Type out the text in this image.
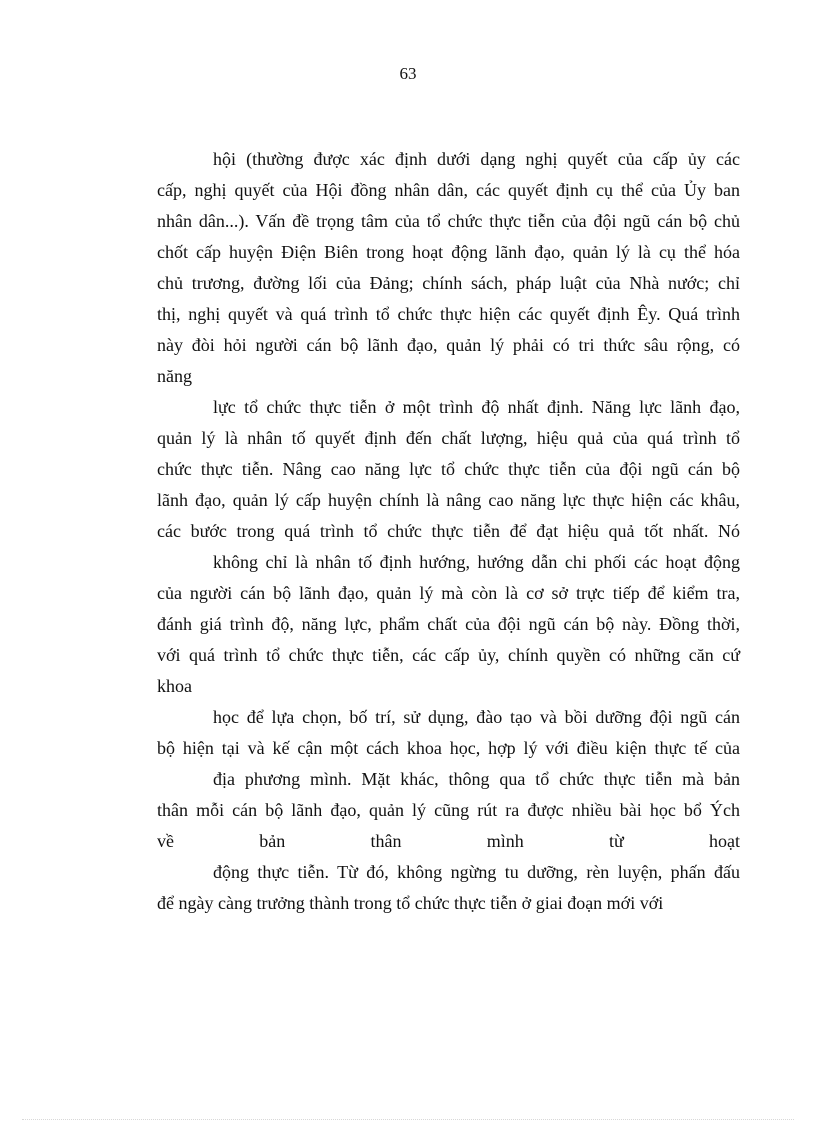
63
hội (thường được xác định dưới dạng nghị quyết của cấp ủy các
cấp, nghị quyết của Hội đồng nhân dân, các quyết định cụ thể của Ủy ban
nhân dân...). Vấn đề trọng tâm của tổ chức thực tiễn của đội ngũ cán bộ chủ
chốt cấp huyện Điện Biên trong hoạt động lãnh đạo, quản lý là cụ thể hóa
chủ trương, đường lối của Đảng; chính sách, pháp luật của Nhà nước; chỉ
thị, nghị quyết và quá trình tổ chức thực hiện các quyết định Êy. Quá trình
này đòi hỏi người cán bộ lãnh đạo, quản lý phải có tri thức sâu rộng, có
năng
lực tổ chức thực tiễn ở một trình độ nhất định. Năng lực lãnh đạo,
quản lý là nhân tố quyết định đến chất lượng, hiệu quả của quá trình tổ
chức thực tiễn. Nâng cao năng lực tổ chức thực tiễn của đội ngũ cán bộ
lãnh đạo, quản lý cấp huyện chính là nâng cao năng lực thực hiện các khâu,
các bước trong quá trình tổ chức thực tiễn để đạt hiệu quả tốt nhất. Nó
không chỉ là nhân tố định hướng, hướng dẫn chi phối các hoạt động
của người cán bộ lãnh đạo, quản lý mà còn là cơ sở trực tiếp để kiểm tra,
đánh giá trình độ, năng lực, phẩm chất của đội ngũ cán bộ này. Đồng thời,
với quá trình tổ chức thực tiễn, các cấp ủy, chính quyền có những căn cứ
khoa
học để lựa chọn, bố trí, sử dụng, đào tạo và bồi dưỡng đội ngũ cán
bộ hiện tại và kế cận một cách khoa học, hợp lý với điều kiện thực tế của
địa phương mình. Mặt khác, thông qua tổ chức thực tiễn mà bản
thân mỗi cán bộ lãnh đạo, quản lý cũng rút ra được nhiều bài học bổ Ých
về bản thân mình từ hoạt
động thực tiễn. Từ đó, không ngừng tu dưỡng, rèn luyện, phấn đấu
để ngày càng trưởng thành trong tổ chức thực tiễn ở giai đoạn mới với
